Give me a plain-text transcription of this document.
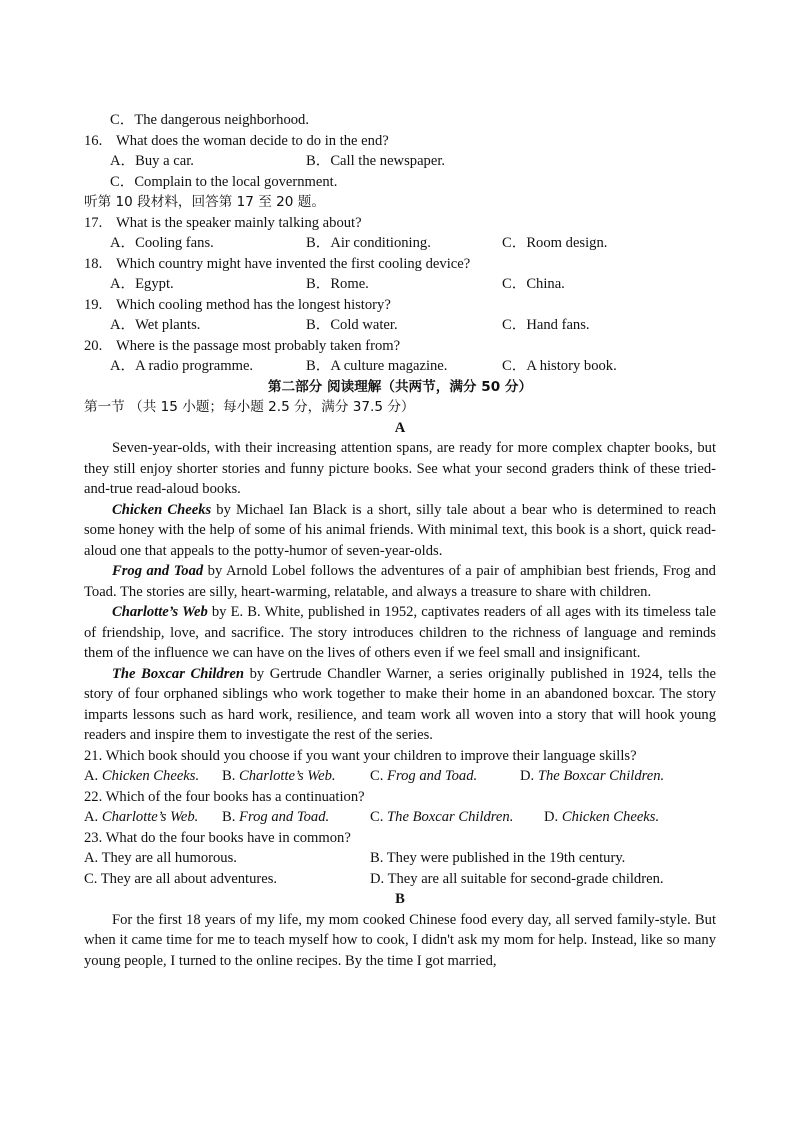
C．The dangerous neighborhood.
16. What does the woman decide to do in the end?
A．Buy a car.	B．Call the newspaper.
C．Complain to the local government.
听第 10 段材料，回答第 17 至 20 题。
17. What is the speaker mainly talking about?
A．Cooling fans.	B．Air conditioning.	C．Room design.
18. Which country might have invented the first cooling device?
A．Egypt.	B．Rome.	C．China.
19. Which cooling method has the longest history?
A．Wet plants.	B．Cold water.	C．Hand fans.
20. Where is the passage most probably taken from?
A．A radio programme.	B．A culture magazine.	C．A history book.
第二部分 阅读理解（共两节，满分 50 分）
第一节 （共 15 小题；每小题 2.5 分，满分 37.5 分）
A

Seven-year-olds, with their increasing attention spans, are ready for more complex chapter books, but they still enjoy shorter stories and funny picture books. See what your second graders think of these tried-and-true read-aloud books.

Chicken Cheeks by Michael Ian Black is a short, silly tale about a bear who is determined to reach some honey with the help of some of his animal friends. With minimal text, this book is a short, quick read-aloud one that appeals to the potty-humor of seven-year-olds.

Frog and Toad by Arnold Lobel follows the adventures of a pair of amphibian best friends, Frog and Toad. The stories are silly, heart-warming, relatable, and always a treasure to share with children.

Charlotte’s Web by E. B. White, published in 1952, captivates readers of all ages with its timeless tale of friendship, love, and sacrifice. The story introduces children to the richness of language and reminds them of the influence we can have on the lives of others even if we feel small and insignificant.

The Boxcar Children by Gertrude Chandler Warner, a series originally published in 1924, tells the story of four orphaned siblings who work together to make their home in an abandoned boxcar. The story imparts lessons such as hard work, resilience, and team work all woven into a story that will hook young readers and inspire them to investigate the rest of the series.

21. Which book should you choose if you want your children to improve their language skills?
A. Chicken Cheeks.	B. Charlotte’s Web.	C. Frog and Toad.	D. The Boxcar Children.
22. Which of the four books has a continuation?
A. Charlotte’s Web.	B. Frog and Toad.	C. The Boxcar Children.	D. Chicken Cheeks.
23. What do the four books have in common?
A. They are all humorous.	B. They were published in the 19th century.
C. They are all about adventures.	D. They are all suitable for second-grade children.
B

For the first 18 years of my life, my mom cooked Chinese food every day, all served family-style. But when it came time for me to teach myself how to cook, I didn't ask my mom for help. Instead, like so many young people, I turned to the online recipes. By the time I got married,
